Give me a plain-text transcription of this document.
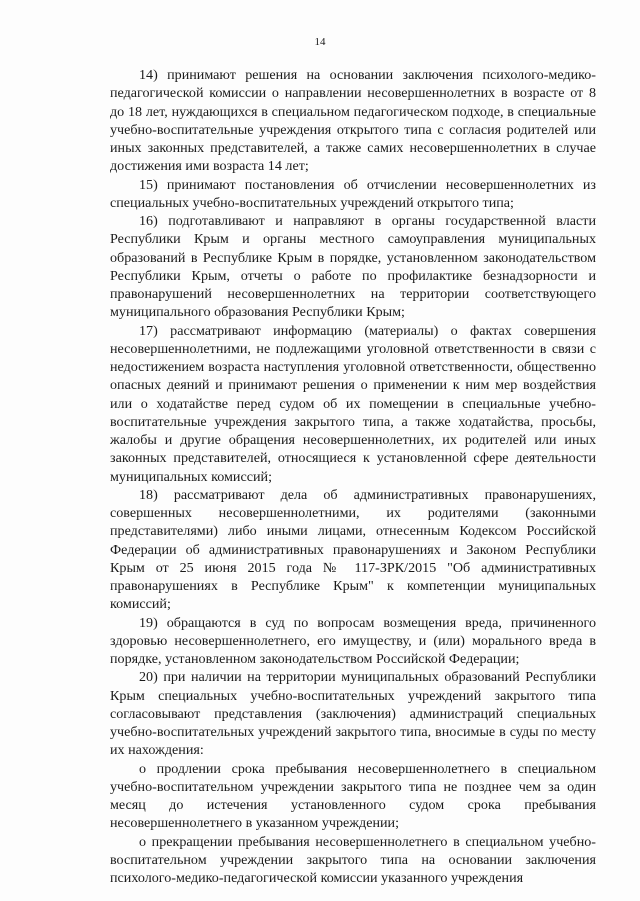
14

14) принимают решения на основании заключения психолого-медико-педагогической комиссии о направлении несовершеннолетних в возрасте от 8 до 18 лет, нуждающихся в специальном педагогическом подходе, в специальные учебно-воспитательные учреждения открытого типа с согласия родителей или иных законных представителей, а также самих несовершеннолетних в случае достижения ими возраста 14 лет;

15) принимают постановления об отчислении несовершеннолетних из специальных учебно-воспитательных учреждений открытого типа;

16) подготавливают и направляют в органы государственной власти Республики Крым и органы местного самоуправления муниципальных образований в Республике Крым в порядке, установленном законодательством Республики Крым, отчеты о работе по профилактике безнадзорности и правонарушений несовершеннолетних на территории соответствующего муниципального образования Республики Крым;

17) рассматривают информацию (материалы) о фактах совершения несовершеннолетними, не подлежащими уголовной ответственности в связи с недостижением возраста наступления уголовной ответственности, общественно опасных деяний и принимают решения о применении к ним мер воздействия или о ходатайстве перед судом об их помещении в специальные учебно-воспитательные учреждения закрытого типа, а также ходатайства, просьбы, жалобы и другие обращения несовершеннолетних, их родителей или иных законных представителей, относящиеся к установленной сфере деятельности муниципальных комиссий;

18) рассматривают дела об административных правонарушениях, совершенных несовершеннолетними, их родителями (законными представителями) либо иными лицами, отнесенным Кодексом Российской Федерации об административных правонарушениях и Законом Республики Крым от 25 июня 2015 года № 117-ЗРК/2015 "Об административных правонарушениях в Республике Крым" к компетенции муниципальных комиссий;

19) обращаются в суд по вопросам возмещения вреда, причиненного здоровью несовершеннолетнего, его имуществу, и (или) морального вреда в порядке, установленном законодательством Российской Федерации;

20) при наличии на территории муниципальных образований Республики Крым специальных учебно-воспитательных учреждений закрытого типа согласовывают представления (заключения) администраций специальных учебно-воспитательных учреждений закрытого типа, вносимые в суды по месту их нахождения:

о продлении срока пребывания несовершеннолетнего в специальном учебно-воспитательном учреждении закрытого типа не позднее чем за один месяц до истечения установленного судом срока пребывания несовершеннолетнего в указанном учреждении;

о прекращении пребывания несовершеннолетнего в специальном учебно-воспитательном учреждении закрытого типа на основании заключения психолого-медико-педагогической комиссии указанного учреждения
